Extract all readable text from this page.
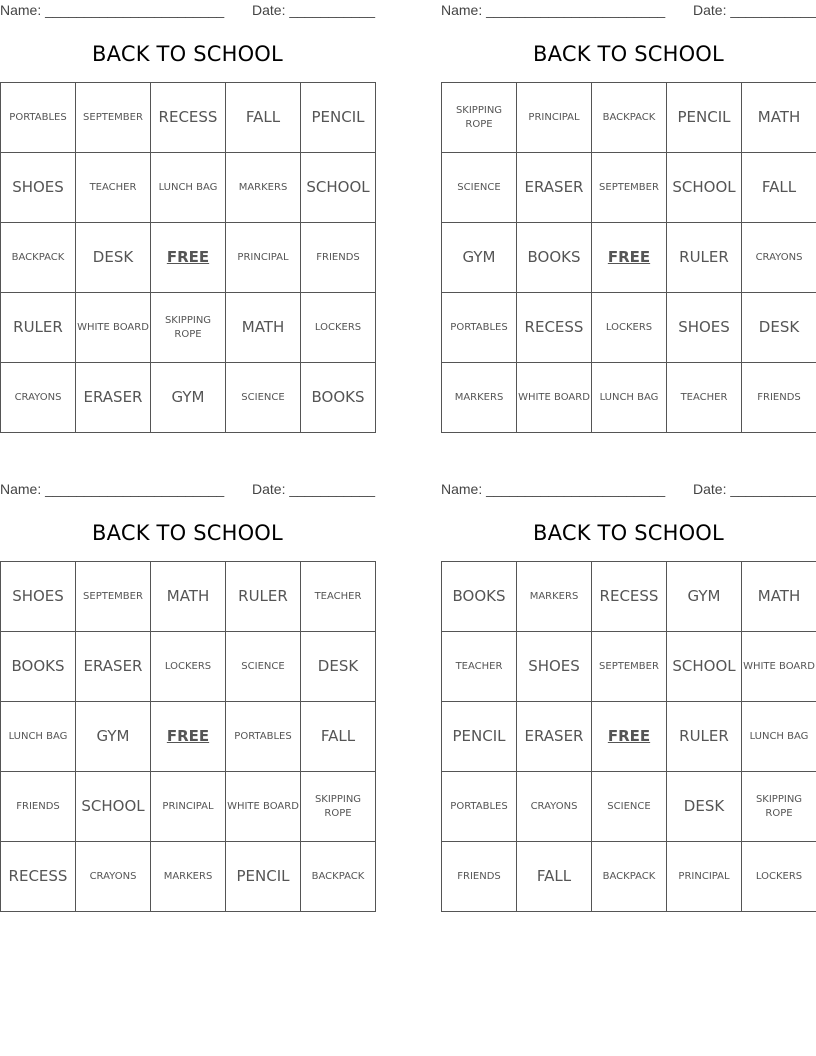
Name: _______________________ Date: ___________
BACK TO SCHOOL
PORTABLES	SEPTEMBER	RECESS	FALL	PENCIL
SHOES	TEACHER	LUNCH BAG	MARKERS	SCHOOL
BACKPACK	DESK	FREE	PRINCIPAL	FRIENDS
RULER	WHITE BOARD	SKIPPING ROPE	MATH	LOCKERS
CRAYONS	ERASER	GYM	SCIENCE	BOOKS
Name: _______________________ Date: ___________
BACK TO SCHOOL
SKIPPING ROPE	PRINCIPAL	BACKPACK	PENCIL	MATH
SCIENCE	ERASER	SEPTEMBER	SCHOOL	FALL
GYM	BOOKS	FREE	RULER	CRAYONS
PORTABLES	RECESS	LOCKERS	SHOES	DESK
MARKERS	WHITE BOARD	LUNCH BAG	TEACHER	FRIENDS
Name: _______________________ Date: ___________
BACK TO SCHOOL
SHOES	SEPTEMBER	MATH	RULER	TEACHER
BOOKS	ERASER	LOCKERS	SCIENCE	DESK
LUNCH BAG	GYM	FREE	PORTABLES	FALL
FRIENDS	SCHOOL	PRINCIPAL	WHITE BOARD	SKIPPING ROPE
RECESS	CRAYONS	MARKERS	PENCIL	BACKPACK
Name: _______________________ Date: ___________
BACK TO SCHOOL
BOOKS	MARKERS	RECESS	GYM	MATH
TEACHER	SHOES	SEPTEMBER	SCHOOL	WHITE BOARD
PENCIL	ERASER	FREE	RULER	LUNCH BAG
PORTABLES	CRAYONS	SCIENCE	DESK	SKIPPING ROPE
FRIENDS	FALL	BACKPACK	PRINCIPAL	LOCKERS
